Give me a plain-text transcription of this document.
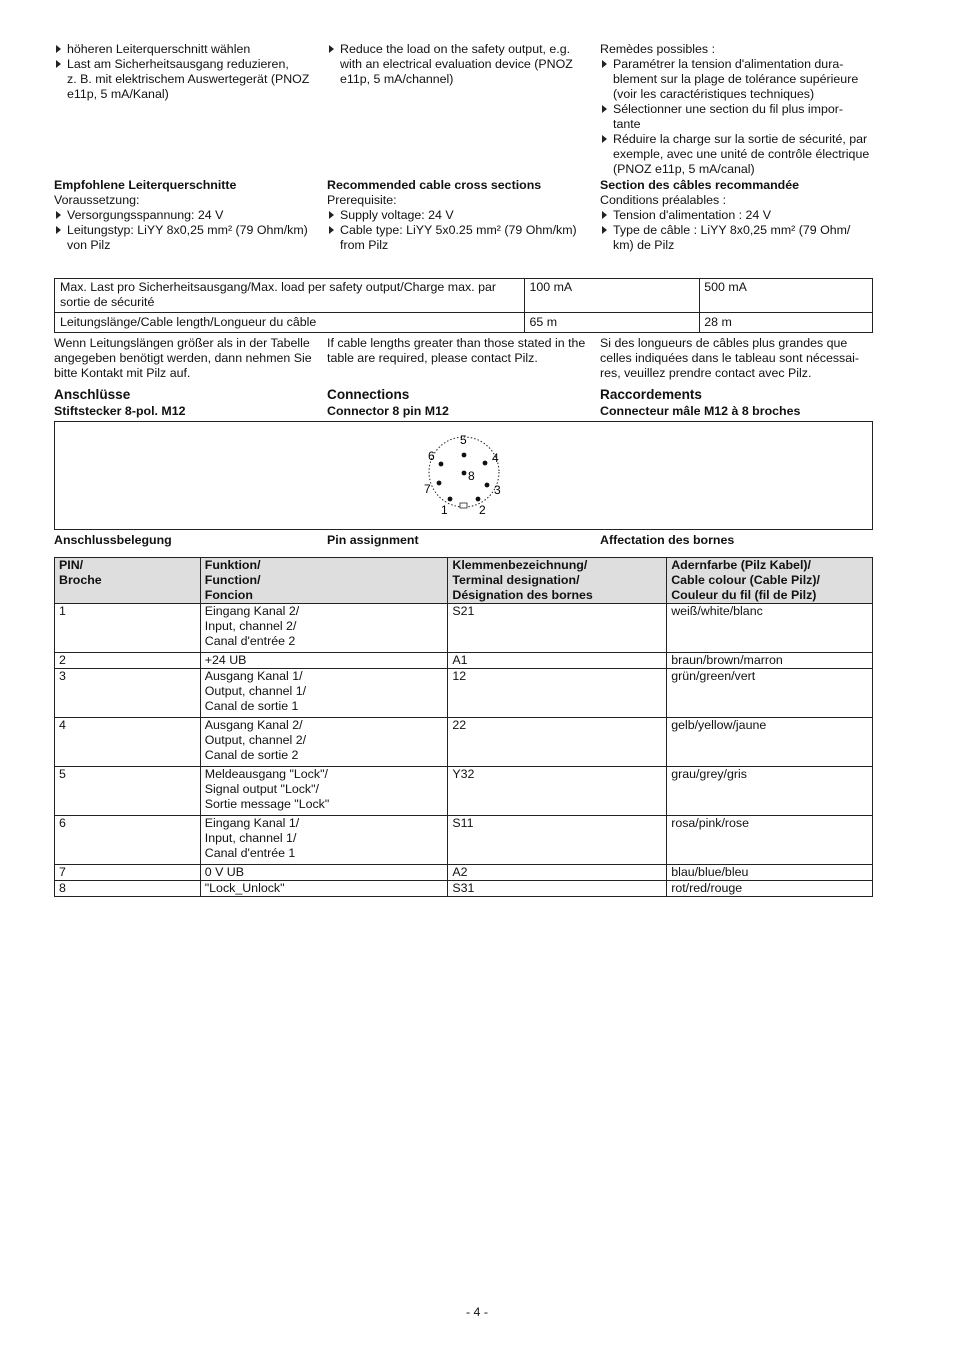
höheren Leiterquerschnitt wählen
Last am Sicherheitsausgang reduzieren,
z. B. mit elektrischem Auswertegerät (PNOZ e11p, 5 mA/Kanal)
Reduce the load on the safety output, e.g. with an electrical evaluation device (PNOZ e11p, 5 mA/channel)

Remèdes possibles :

Paramétrer la tension d'alimentation dura-
blement sur la plage de tolérance supérieure (voir les caractéristiques techniques)
Sélectionner une section du fil plus impor-
tante
Réduire la charge sur la sortie de sécurité, par exemple, avec une unité de contrôle électrique (PNOZ e11p, 5 mA/canal)

Empfohlene Leiterquerschnitte

Voraussetzung:

Versorgungsspannung: 24 V
Leitungstyp: LiYY 8x0,25 mm² (79 Ohm/km) von Pilz

Recommended cable cross sections

Prerequisite:

Supply voltage: 24 V
Cable type: LiYY 5x0.25 mm² (79 Ohm/km) from Pilz

Section des câbles recommandée

Conditions préalables :

Tension d'alimentation : 24 V
Type de câble : LiYY 8x0,25 mm² (79 Ohm/
km) de Pilz
Max. Last pro Sicherheitsausgang/Max. load per safety output/Charge max. par sortie de sécurité	100 mA	500 mA
Leitungslänge/Cable length/Longueur du câble	65 m	28 m

Wenn Leitungslängen größer als in der Tabelle angegeben benötigt werden, dann nehmen Sie bitte Kontakt mit Pilz auf.

If cable lengths greater than those stated in the table are required, please contact Pilz.

Si des longueurs de câbles plus grandes que celles indiquées dans le tableau sont nécessai-
res, veuillez prendre contact avec Pilz.

Anschlüsse

Stiftstecker 8-pol. M12

Connections

Connector 8 pin M12

Raccordements

Connecteur mâle M12 à 8 broches

5
6	4
8
7	3
1	2

Anschlussbelegung	Pin assignment	Affectation des bornes

PIN/
Broche	Funktion/
Function/
Foncion	Klemmenbezeichnung/
Terminal designation/
Désignation des bornes	Adernfarbe (Pilz Kabel)/
Cable colour (Cable Pilz)/
Couleur du fil (fil de Pilz)
1	Eingang Kanal 2/
Input, channel 2/
Canal d'entrée 2	S21	weiß/white/blanc
2	+24 UB	A1	braun/brown/marron
3	Ausgang Kanal 1/
Output, channel 1/
Canal de sortie 1	12	grün/green/vert
4	Ausgang Kanal 2/
Output, channel 2/
Canal de sortie 2	22	gelb/yellow/jaune
5	Meldeausgang "Lock"/
Signal output "Lock"/
Sortie message "Lock"	Y32	grau/grey/gris
6	Eingang Kanal 1/
Input, channel 1/
Canal d'entrée 1	S11	rosa/pink/rose
7	0 V UB	A2	blau/blue/bleu
8	"Lock_Unlock"	S31	rot/red/rouge
- 4 -
